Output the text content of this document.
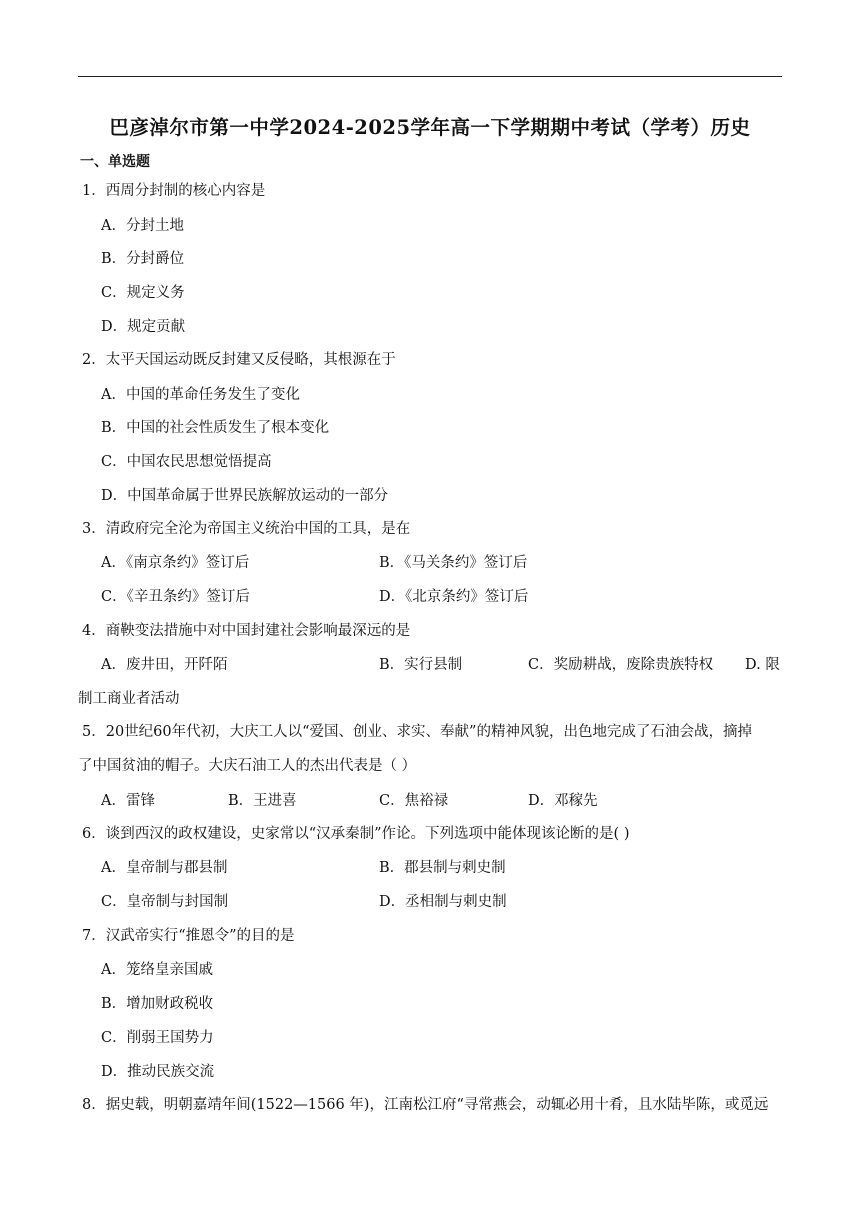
巴彦淖尔市第一中学2024-2025学年高一下学期期中考试（学考）历史
一、单选题
1．西周分封制的核心内容是
A．分封土地
B．分封爵位
C．规定义务
D．规定贡献
2．太平天国运动既反封建又反侵略，其根源在于
A．中国的革命任务发生了变化
B．中国的社会性质发生了根本变化
C．中国农民思想觉悟提高
D．中国革命属于世界民族解放运动的一部分
3．清政府完全沦为帝国主义统治中国的工具，是在
A．《南京条约》签订后	B．《马关条约》签订后
C．《辛丑条约》签订后	D．《北京条约》签订后
4．商鞅变法措施中对中国封建社会影响最深远的是
A．废井田，开阡陌	B．实行县制	C．奖励耕战，废除贵族特权 D. 限
制工商业者活动
5．20世纪60年代初，大庆工人以“爱国、创业、求实、奉献”的精神风貌，出色地完成了石油会战，摘掉
了中国贫油的帽子。大庆石油工人的杰出代表是（ ）
A．雷锋	B．王进喜	C．焦裕禄	D．邓稼先
6．谈到西汉的政权建设，史家常以“汉承秦制”作论。下列选项中能体现该论断的是( )
A．皇帝制与郡县制	B．郡县制与刺史制
C．皇帝制与封国制	D．丞相制与刺史制
7．汉武帝实行“推恩令”的目的是
A．笼络皇亲国戚
B．增加财政税收
C．削弱王国势力
D．推动民族交流
8．据史载，明朝嘉靖年间(1522—1566 年)，江南松江府“寻常燕会，动辄必用十肴，且水陆毕陈，或觅远
